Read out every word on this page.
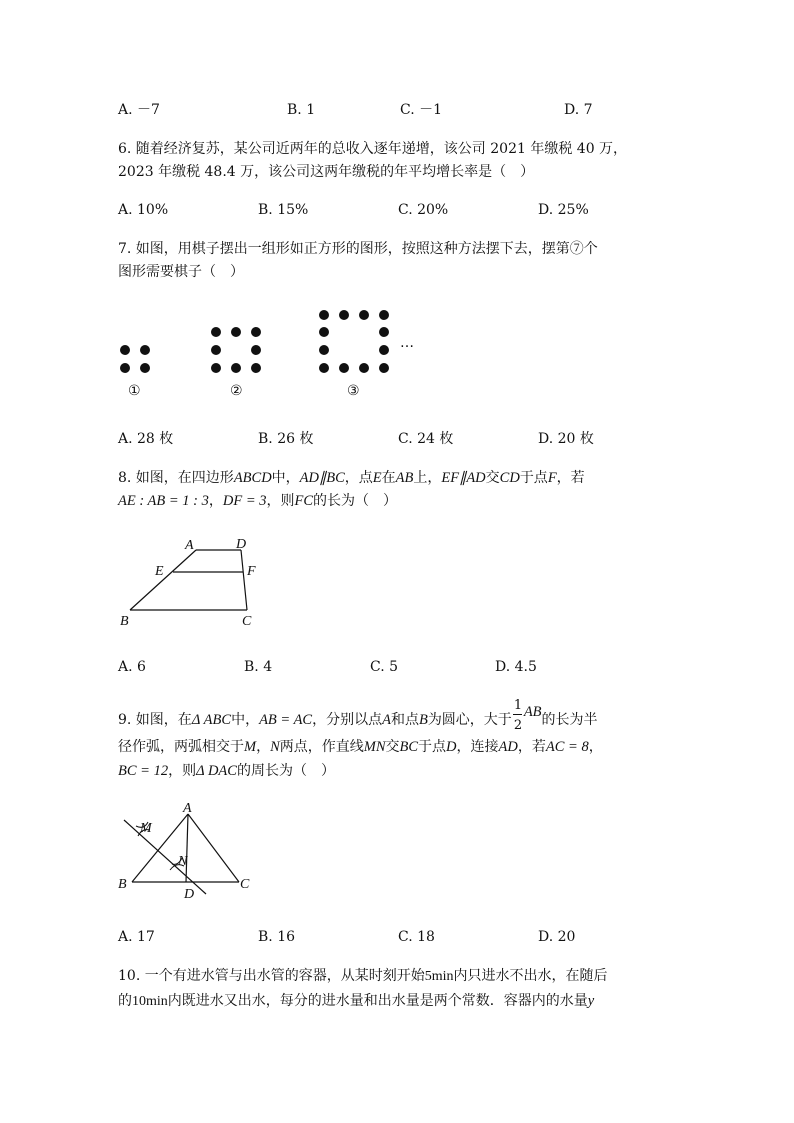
A. －7	B. 1	C. －1	D. 7
6. 随着经济复苏，某公司近两年的总收入逐年递增，该公司 2021 年缴税 40 万，
2023 年缴税 48.4 万，该公司这两年缴税的年平均增长率是（　）
A. 10%	B. 15%	C. 20%	D. 25%
7. 如图，用棋子摆出一组形如正方形的图形，按照这种方法摆下去，摆第⑦个
图形需要棋子（　）
…
①	②	③
A. 28 枚	B. 26 枚	C. 24 枚	D. 20 枚
8. 如图，在四边形ABCD中，AD∥BC，点E在AB上，EF∥AD交CD于点F，若
AE : AB = 1 : 3，DF = 3，则FC的长为（　）
A	D
E	F
B	C
A. 6	B. 4	C. 5	D. 4.5
9. 如图，在Δ ABC中，AB = AC，分别以点A和点B为圆心，大于 $\frac{1}{2}$ AB的长为半
径作弧，两弧相交于M，N两点，作直线MN交BC于点D，连接AD，若AC = 8，
BC = 12，则Δ DAC的周长为（　）
A
M
N
B
D
C
A. 17	B. 16	C. 18	D. 20
10. 一个有进水管与出水管的容器，从某时刻开始5min内只进水不出水，在随后
的10min内既进水又出水，每分的进水量和出水量是两个常数．容器内的水量y
